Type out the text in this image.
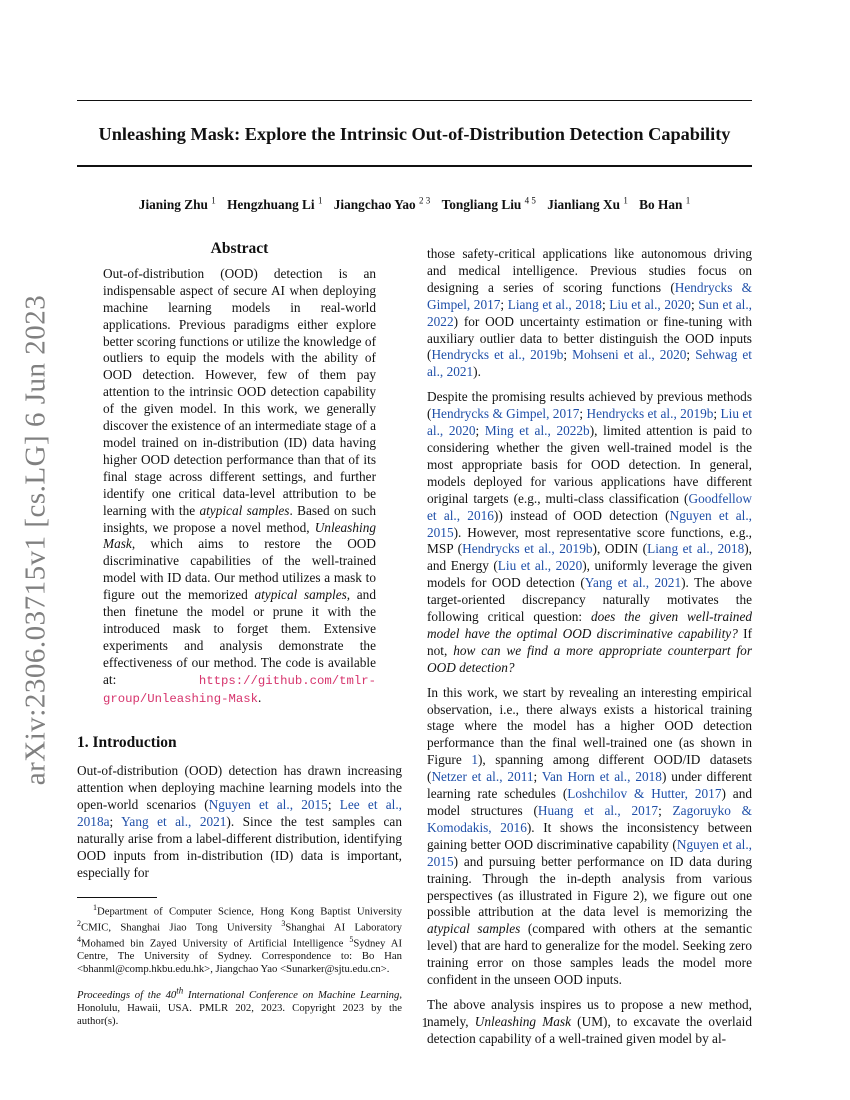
arXiv:2306.03715v1 [cs.LG] 6 Jun 2023
Unleashing Mask: Explore the Intrinsic Out-of-Distribution Detection Capability
Jianing Zhu $^1$ Hengzhuang Li $^1$ Jiangchao Yao $^{2 3}$ Tongliang Liu $^{4 5}$ Jianliang Xu $^1$ Bo Han $^1$
Abstract

Out-of-distribution (OOD) detection is an indispensable aspect of secure AI when deploying machine learning models in real-world applications. Previous paradigms either explore better scoring functions or utilize the knowledge of outliers to equip the models with the ability of OOD detection. However, few of them pay attention to the intrinsic OOD detection capability of the given model. In this work, we generally discover the existence of an intermediate stage of a model trained on in-distribution (ID) data having higher OOD detection performance than that of its final stage across different settings, and further identify one critical data-level attribution to be learning with the atypical samples. Based on such insights, we propose a novel method, Unleashing Mask, which aims to restore the OOD discriminative capabilities of the well-trained model with ID data. Our method utilizes a mask to figure out the memorized atypical samples, and then finetune the model or prune it with the introduced mask to forget them. Extensive experiments and analysis demonstrate the effectiveness of our method. The code is available at: https://github.com/tmlr-group/Unleashing-Mask.

1. Introduction

Out-of-distribution (OOD) detection has drawn increasing attention when deploying machine learning models into the open-world scenarios (Nguyen et al., 2015; Lee et al., 2018a; Yang et al., 2021). Since the test samples can naturally arise from a label-different distribution, identifying OOD inputs from in-distribution (ID) data is important, especially for

$^1$Department of Computer Science, Hong Kong Baptist University $^2$CMIC, Shanghai Jiao Tong University $^3$Shanghai AI Laboratory $^4$Mohamed bin Zayed University of Artificial Intelligence $^5$Sydney AI Centre, The University of Sydney. Correspondence to: Bo Han <bhanml@comp.hkbu.edu.hk>, Jiangchao Yao <Sunarker@sjtu.edu.cn>.

Proceedings of the 40th International Conference on Machine Learning, Honolulu, Hawaii, USA. PMLR 202, 2023. Copyright 2023 by the author(s).

those safety-critical applications like autonomous driving and medical intelligence. Previous studies focus on designing a series of scoring functions (Hendrycks & Gimpel, 2017; Liang et al., 2018; Liu et al., 2020; Sun et al., 2022) for OOD uncertainty estimation or fine-tuning with auxiliary outlier data to better distinguish the OOD inputs (Hendrycks et al., 2019b; Mohseni et al., 2020; Sehwag et al., 2021).

Despite the promising results achieved by previous methods (Hendrycks & Gimpel, 2017; Hendrycks et al., 2019b; Liu et al., 2020; Ming et al., 2022b), limited attention is paid to considering whether the given well-trained model is the most appropriate basis for OOD detection. In general, models deployed for various applications have different original targets (e.g., multi-class classification (Goodfellow et al., 2016)) instead of OOD detection (Nguyen et al., 2015). However, most representative score functions, e.g., MSP (Hendrycks et al., 2019b), ODIN (Liang et al., 2018), and Energy (Liu et al., 2020), uniformly leverage the given models for OOD detection (Yang et al., 2021). The above target-oriented discrepancy naturally motivates the following critical question: does the given well-trained model have the optimal OOD discriminative capability? If not, how can we find a more appropriate counterpart for OOD detection?

In this work, we start by revealing an interesting empirical observation, i.e., there always exists a historical training stage where the model has a higher OOD detection performance than the final well-trained one (as shown in Figure 1), spanning among different OOD/ID datasets (Netzer et al., 2011; Van Horn et al., 2018) under different learning rate schedules (Loshchilov & Hutter, 2017) and model structures (Huang et al., 2017; Zagoruyko & Komodakis, 2016). It shows the inconsistency between gaining better OOD discriminative capability (Nguyen et al., 2015) and pursuing better performance on ID data during training. Through the in-depth analysis from various perspectives (as illustrated in Figure 2), we figure out one possible attribution at the data level is memorizing the atypical samples (compared with others at the semantic level) that are hard to generalize for the model. Seeking zero training error on those samples leads the model more confident in the unseen OOD inputs.

The above analysis inspires us to propose a new method, namely, Unleashing Mask (UM), to excavate the overlaid detection capability of a well-trained given model by al-

1
